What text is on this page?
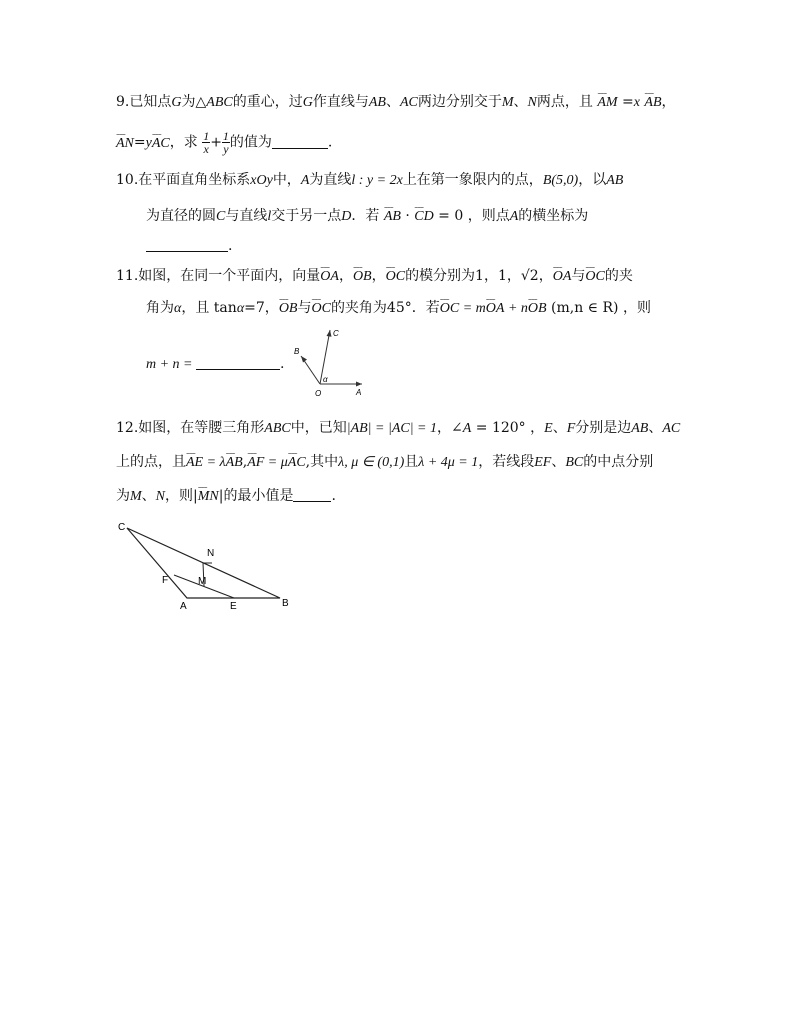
9.已知点G为△ABC的重心，过G作直线与AB、AC两边分别交于M、N两点，且 ⌣⌣⌣ AM =x ⌣⌣⌣ AB，
⌣⌣⌣ AN=y⌣⌣⌣ AC，求 $\frac{1}{x} + \frac{1}{y}$ 的值为	.
10.在平面直角坐标系xOy中，A为直线l : y = 2x上在第一象限内的点，B(5,0)，以AB
为直径的圆C与直线l交于另一点D．若 ⌣⌣⌣ AB · ⌣⌣⌣ CD = 0 ，则点A的横坐标为
.
11.如图，在同一个平面内，向量⌣⌣⌣ OA，⌣⌣⌣ OB，⌣⌣⌣ OC的模分别为1，1，√2，⌣⌣⌣ OA与⌣⌣⌣ OC的夹
角为α，且 tanα=7，⌣⌣⌣ OB与⌣⌣⌣ OC的夹角为45°．若⌣⌣⌣ OC = m⌣⌣⌣ OA + n⌣⌣⌣ OB (m,n ∈ R) ，则
m + n =	.
C
B
A
O
α
12.如图，在等腰三角形ABC中，已知|AB| = |AC| = 1，∠A = 120° ，E、F分别是边AB、AC
上的点，且⌣⌣⌣ AE = λ⌣⌣⌣ AB,⌣⌣⌣ AF = μ⌣⌣⌣ AC,其中λ, μ ∈ (0,1)且λ + 4μ = 1，若线段EF、BC的中点分别
为M、N，则|⌣⌣⌣ MN|的最小值是	.
C
N
M
F
A	E	B
